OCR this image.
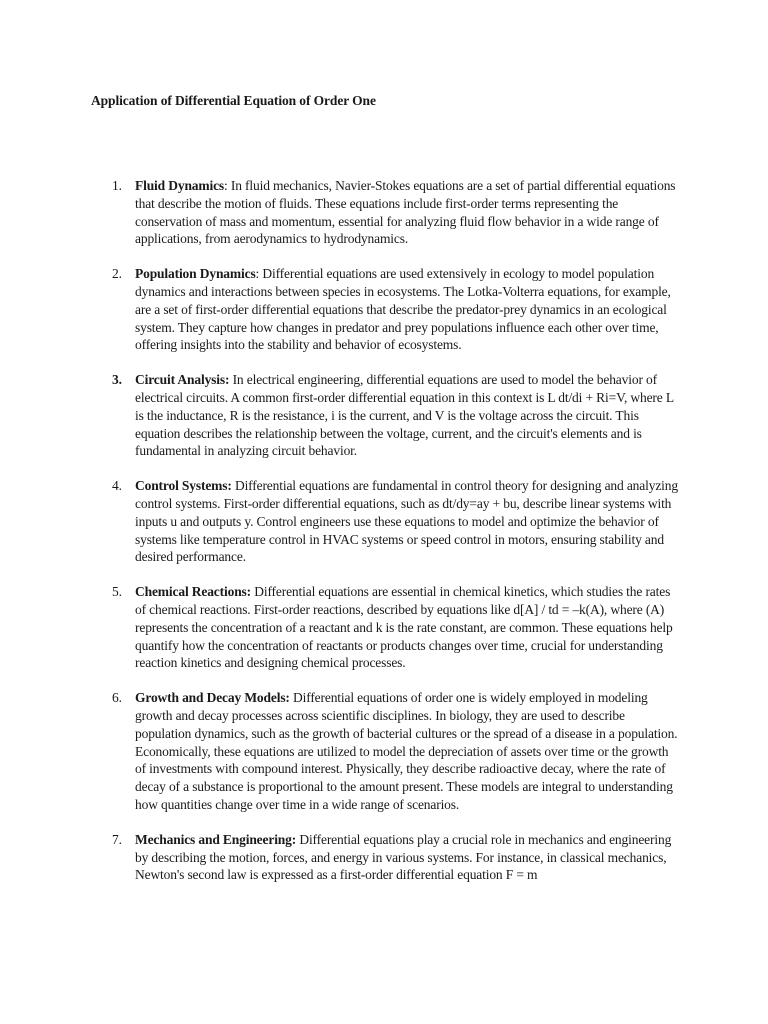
Application of Differential Equation of Order One
1. Fluid Dynamics: In fluid mechanics, Navier-Stokes equations are a set of partial differential equations that describe the motion of fluids. These equations include first-order terms representing the conservation of mass and momentum, essential for analyzing fluid flow behavior in a wide range of applications, from aerodynamics to hydrodynamics.
2. Population Dynamics: Differential equations are used extensively in ecology to model population dynamics and interactions between species in ecosystems. The Lotka-Volterra equations, for example, are a set of first-order differential equations that describe the predator-prey dynamics in an ecological system. They capture how changes in predator and prey populations influence each other over time, offering insights into the stability and behavior of ecosystems.
3. Circuit Analysis: In electrical engineering, differential equations are used to model the behavior of electrical circuits. A common first-order differential equation in this context is L dt/di + Ri=V, where L is the inductance, R is the resistance, i is the current, and V is the voltage across the circuit. This equation describes the relationship between the voltage, current, and the circuit's elements and is fundamental in analyzing circuit behavior.
4. Control Systems: Differential equations are fundamental in control theory for designing and analyzing control systems. First-order differential equations, such as dt/dy=ay + bu, describe linear systems with inputs u and outputs y. Control engineers use these equations to model and optimize the behavior of systems like temperature control in HVAC systems or speed control in motors, ensuring stability and desired performance.
5. Chemical Reactions: Differential equations are essential in chemical kinetics, which studies the rates of chemical reactions. First-order reactions, described by equations like d[A] / td = –k(A), where (A) represents the concentration of a reactant and k is the rate constant, are common. These equations help quantify how the concentration of reactants or products changes over time, crucial for understanding reaction kinetics and designing chemical processes.
6. Growth and Decay Models: Differential equations of order one is widely employed in modeling growth and decay processes across scientific disciplines. In biology, they are used to describe population dynamics, such as the growth of bacterial cultures or the spread of a disease in a population. Economically, these equations are utilized to model the depreciation of assets over time or the growth of investments with compound interest. Physically, they describe radioactive decay, where the rate of decay of a substance is proportional to the amount present. These models are integral to understanding how quantities change over time in a wide range of scenarios.
7. Mechanics and Engineering: Differential equations play a crucial role in mechanics and engineering by describing the motion, forces, and energy in various systems. For instance, in classical mechanics, Newton's second law is expressed as a first-order differential equation F = m
